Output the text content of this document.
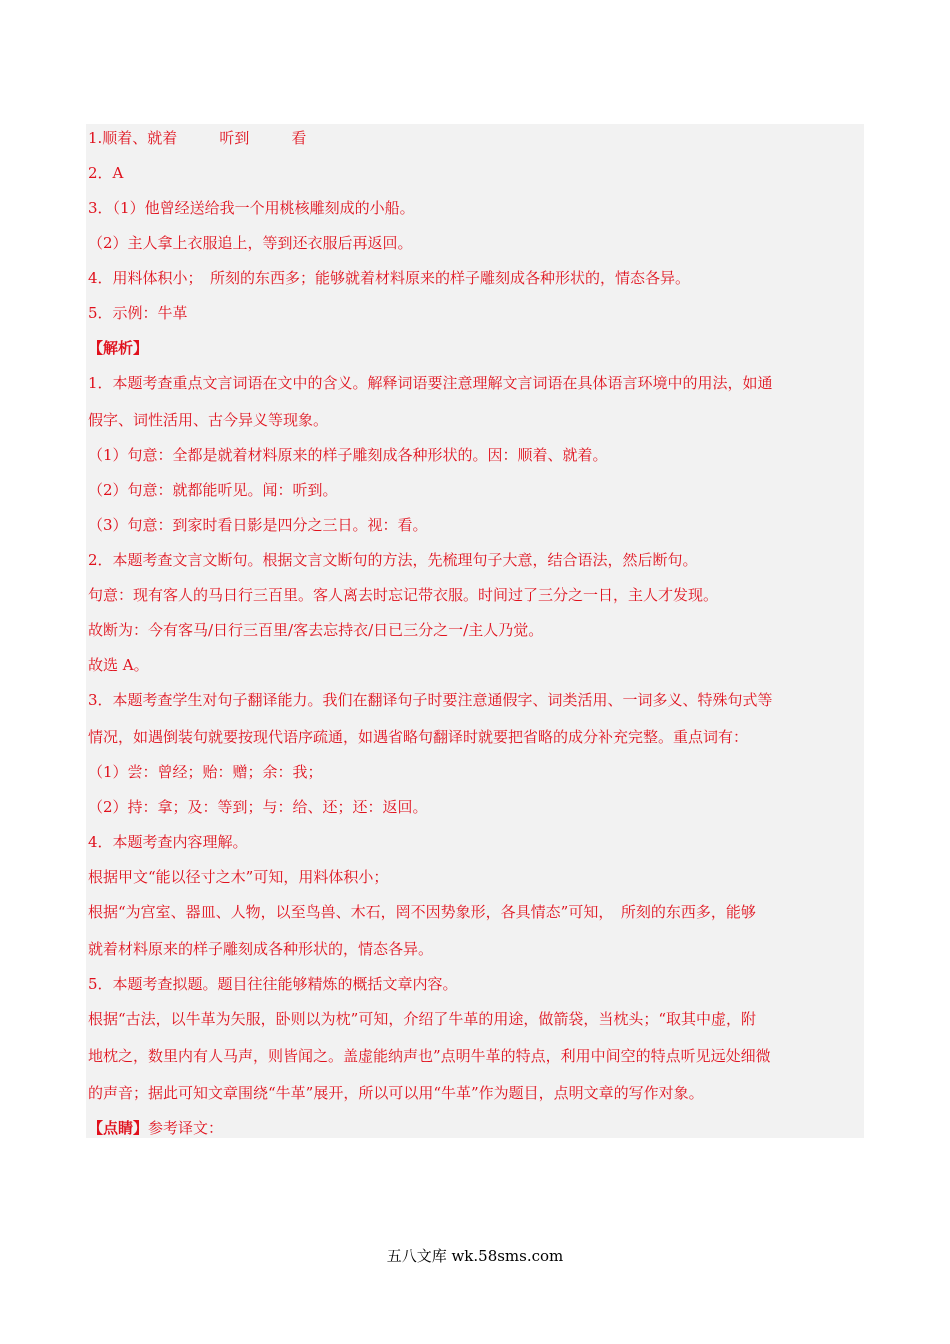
1.顺着、就着	听到	看
2．A
3．（1）他曾经送给我一个用桃核雕刻成的小船。
（2）主人拿上衣服追上，等到还衣服后再返回。
4．用料体积小；　所刻的东西多；能够就着材料原来的样子雕刻成各种形状的，情态各异。
5．示例：牛革
【解析】
1．本题考查重点文言词语在文中的含义。解释词语要注意理解文言词语在具体语言环境中的用法，如通
假字、词性活用、古今异义等现象。
（1）句意：全都是就着材料原来的样子雕刻成各种形状的。因：顺着、就着。
（2）句意：就都能听见。闻：听到。
（3）句意：到家时看日影是四分之三日。视：看。
2．本题考查文言文断句。根据文言文断句的方法，先梳理句子大意，结合语法，然后断句。
句意：现有客人的马日行三百里。客人离去时忘记带衣服。时间过了三分之一日，主人才发现。
故断为：今有客马/日行三百里/客去忘持衣/日已三分之一/主人乃觉。
故选 A。
3．本题考查学生对句子翻译能力。我们在翻译句子时要注意通假字、词类活用、一词多义、特殊句式等
情况，如遇倒装句就要按现代语序疏通，如遇省略句翻译时就要把省略的成分补充完整。重点词有：
（1）尝：曾经；贻：赠；余：我；
（2）持：拿；及：等到；与：给、还；还：返回。
4．本题考查内容理解。
根据甲文“能以径寸之木”可知，用料体积小；
根据“为宫室、器皿、人物，以至鸟兽、木石，罔不因势象形，各具情态”可知，　所刻的东西多，能够
就着材料原来的样子雕刻成各种形状的，情态各异。
5．本题考查拟题。题目往往能够精炼的概括文章内容。
根据“古法，以牛革为矢服，卧则以为枕”可知，介绍了牛革的用途，做箭袋，当枕头；“取其中虚，附
地枕之，数里内有人马声，则皆闻之。盖虚能纳声也”点明牛革的特点，利用中间空的特点听见远处细微
的声音；据此可知文章围绕“牛革”展开，所以可以用“牛革”作为题目，点明文章的写作对象。
【点睛】参考译文：
五八文库 wk.58sms.com
